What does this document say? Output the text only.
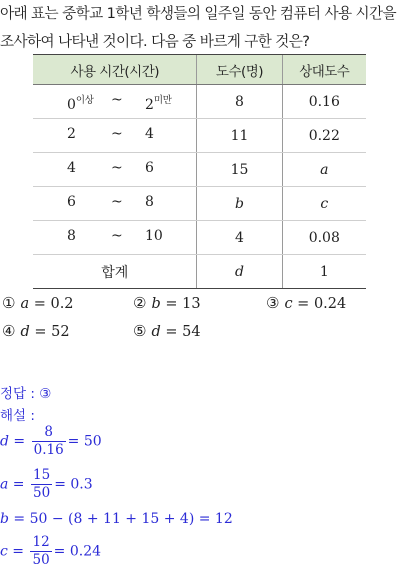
아래 표는 중학교 1학년 학생들의 일주일 동안 컴퓨터 사용 시간을
조사하여 나타낸 것이다. 다음 중 바르게 구한 것은?
사용 시간(시간)	도수(명)	상대도수

$0^{이상}$ ~ $2^{미만}$	8	0.16

2 ~ 4	11	0.22

4 ~ 6	15	a

6 ~ 8	b	c

8 ~ 10	4	0.08
합계	d	1
① a = 0.2	② b = 13	③ c = 0.24
④ d = 52	⑤ d = 54
정답 : ③
해설 :
$d = \frac{8}{0.16} = 50$
$a = \frac{15}{50} = 0.3$
b = 50 − (8 + 11 + 15 + 4) = 12
$c = \frac{12}{50} = 0.24$
